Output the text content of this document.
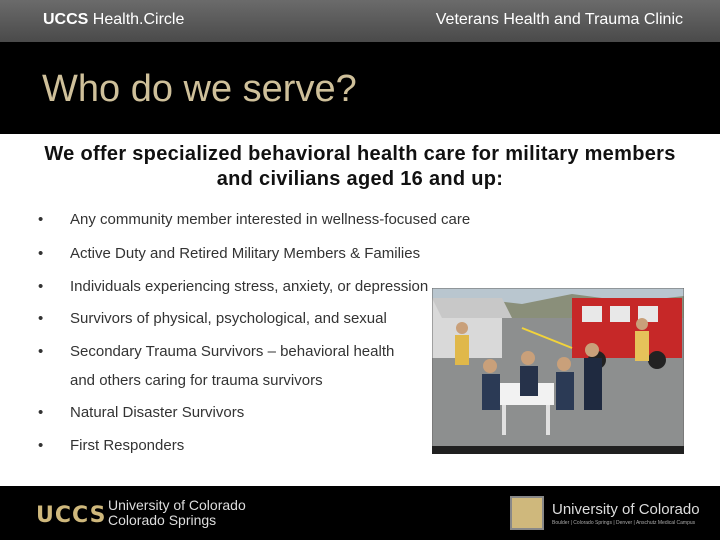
UCCS Health.Circle	Veterans Health and Trauma Clinic
Who do we serve?
We offer specialized behavioral health care for military members and civilians aged 16 and up:
• Any community member interested in wellness-focused care
• Active Duty and Retired Military Members & Families
• Individuals experiencing stress, anxiety, or depression
• Survivors of physical, psychological, and sexual
• Secondary Trauma Survivors – behavioral health
and others caring for trauma survivors
• Natural Disaster Survivors
• First Responders
UCCS University of Colorado
Colorado Springs
University of Colorado
Boulder | Colorado Springs | Denver | Anschutz Medical Campus
